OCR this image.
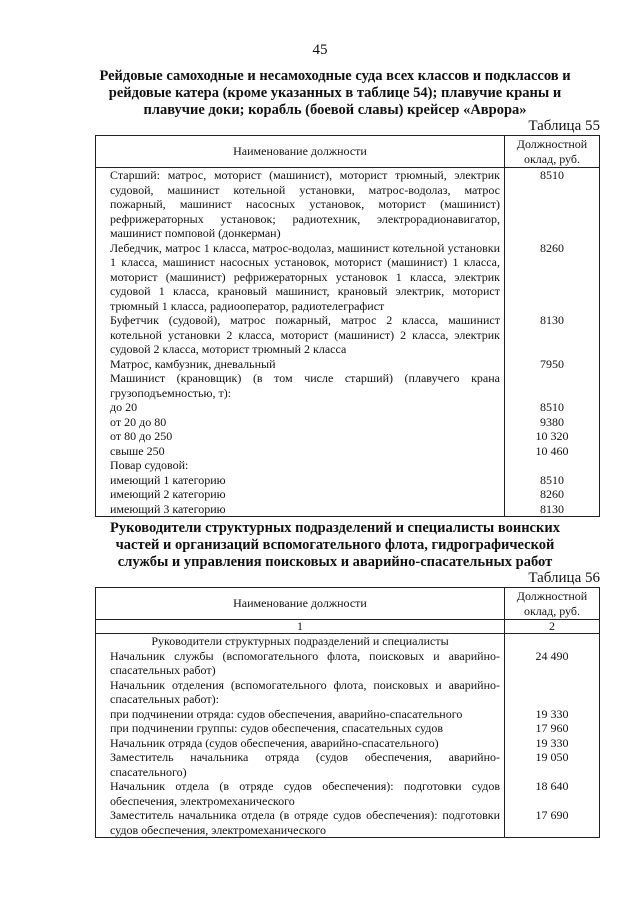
45
Рейдовые самоходные и несамоходные суда всех классов и подклассов и рейдовые катера (кроме указанных в таблице 54); плавучие краны и плавучие доки; корабль (боевой славы) крейсер «Аврора»
Таблица 55
Наименование должности	Должностной оклад, руб.
Старший: матрос, моторист (машинист), моторист трюмный, электрик судовой, машинист котельной установки, матрос-водолаз, матрос пожарный, машинист насосных установок, моторист (машинист) рефрижераторных установок; радиотехник, электрорадионавигатор, машинист помповой (донкерман)	8510
Лебедчик, матрос 1 класса, матрос-водолаз, машинист котельной установки 1 класса, машинист насосных установок, моторист (машинист) 1 класса, моторист (машинист) рефрижераторных установок 1 класса, электрик судовой 1 класса, крановый машинист, крановый электрик, моторист трюмный 1 класса, радиооператор, радиотелеграфист	8260
Буфетчик (судовой), матрос пожарный, матрос 2 класса, машинист котельной установки 2 класса, моторист (машинист) 2 класса, электрик судовой 2 класса, моторист трюмный 2 класса	8130
Матрос, камбузник, дневальный	7950
Машинист (крановщик) (в том числе старший) (плавучего крана грузоподъемностью, т):	
до 20	8510
от 20 до 80	9380
от 80 до 250	10 320
свыше 250	10 460
Повар судовой:	
имеющий 1 категорию	8510
имеющий 2 категорию	8260
имеющий 3 категорию	8130
Руководители структурных подразделений и специалисты воинских частей и организаций вспомогательного флота, гидрографической службы и управления поисковых и аварийно-спасательных работ
Таблица 56
Наименование должности	Должностной оклад, руб.
1	2
Руководители структурных подразделений и специалисты	
Начальник службы (вспомогательного флота, поисковых и аварийно-спасательных работ)	24 490
Начальник отделения (вспомогательного флота, поисковых и аварийно-спасательных работ):	
при подчинении отряда: судов обеспечения, аварийно-спасательного	19 330
при подчинении группы: судов обеспечения, спасательных судов	17 960
Начальник отряда (судов обеспечения, аварийно-спасательного)	19 330
Заместитель начальника отряда (судов обеспечения, аварийно-спасательного)	19 050
Начальник отдела (в отряде судов обеспечения): подготовки судов обеспечения, электромеханического	18 640
Заместитель начальника отдела (в отряде судов обеспечения): подготовки судов обеспечения, электромеханического	17 690
